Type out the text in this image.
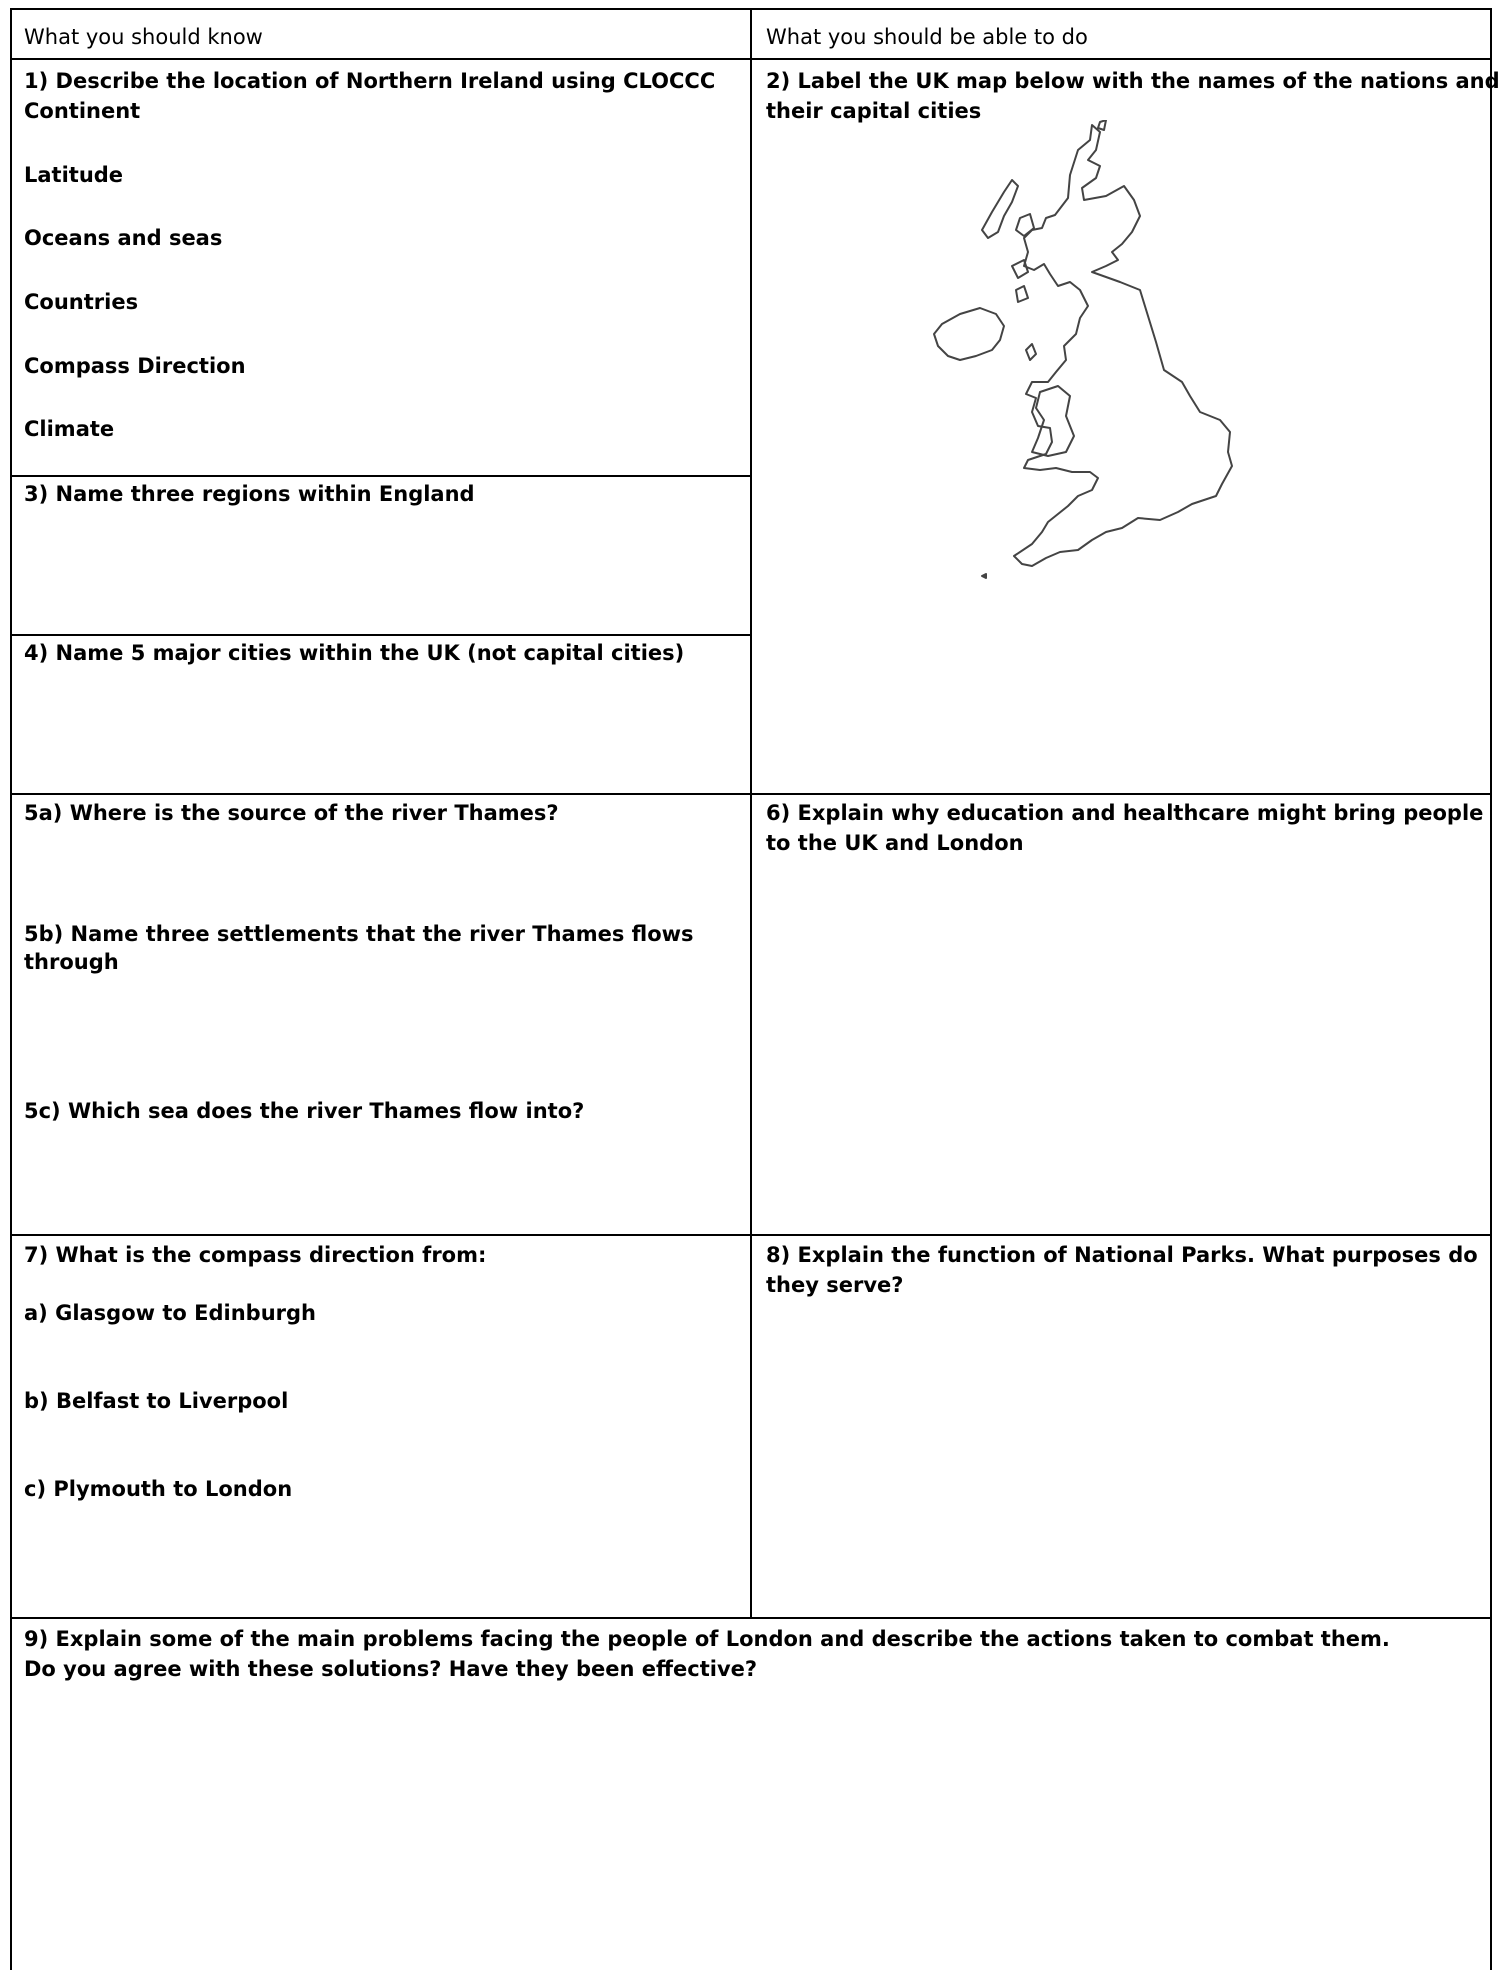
What you should know	What you should be able to do

1) Describe the location of Northern Ireland using CLOCCC

Continent

Latitude

Oceans and seas

Countries

Compass Direction

Climate

2) Label the UK map below with the names of the nations and

their capital cities

3) Name three regions within England

4) Name 5 major cities within the UK (not capital cities)

5a) Where is the source of the river Thames?

5b) Name three settlements that the river Thames flows

through

5c) Which sea does the river Thames flow into?

6) Explain why education and healthcare might bring people

to the UK and London

7) What is the compass direction from:

a) Glasgow to Edinburgh

b) Belfast to Liverpool

c) Plymouth to London

8) Explain the function of National Parks. What purposes do

they serve?

9) Explain some of the main problems facing the people of London and describe the actions taken to combat them.

Do you agree with these solutions? Have they been effective?
